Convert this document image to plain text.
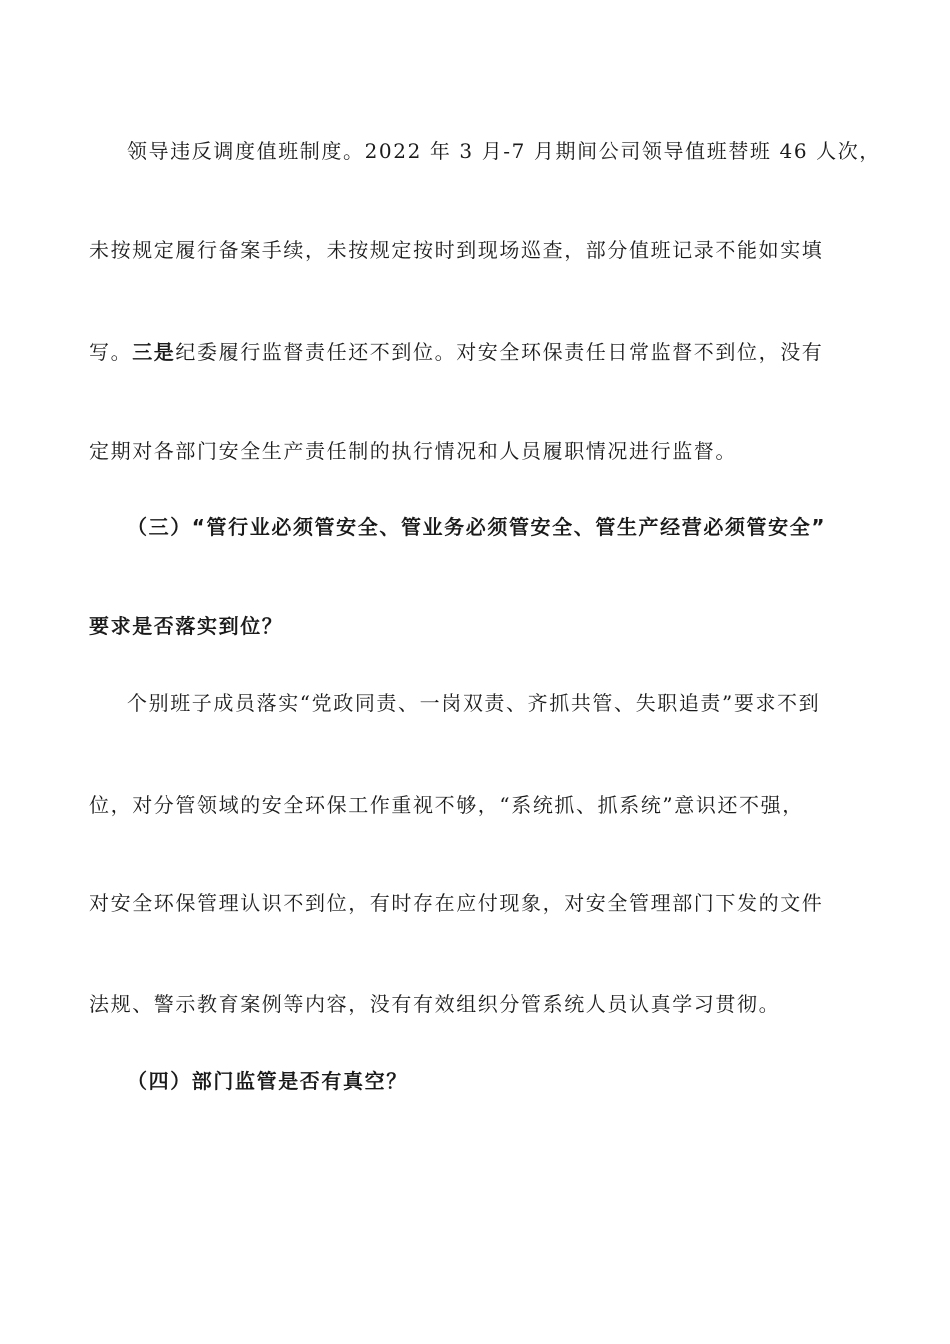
领导违反调度值班制度。2022 年 3 月-7 月期间公司领导值班替班 46 人次，
未按规定履行备案手续，未按规定按时到现场巡查，部分值班记录不能如实填
写。三是纪委履行监督责任还不到位。对安全环保责任日常监督不到位，没有
定期对各部门安全生产责任制的执行情况和人员履职情况进行监督。
（三）“管行业必须管安全、管业务必须管安全、管生产经营必须管安全”
要求是否落实到位？
个别班子成员落实“党政同责、一岗双责、齐抓共管、失职追责”要求不到
位，对分管领域的安全环保工作重视不够，“系统抓、抓系统”意识还不强，
对安全环保管理认识不到位，有时存在应付现象，对安全管理部门下发的文件
法规、警示教育案例等内容，没有有效组织分管系统人员认真学习贯彻。
（四）部门监管是否有真空？
